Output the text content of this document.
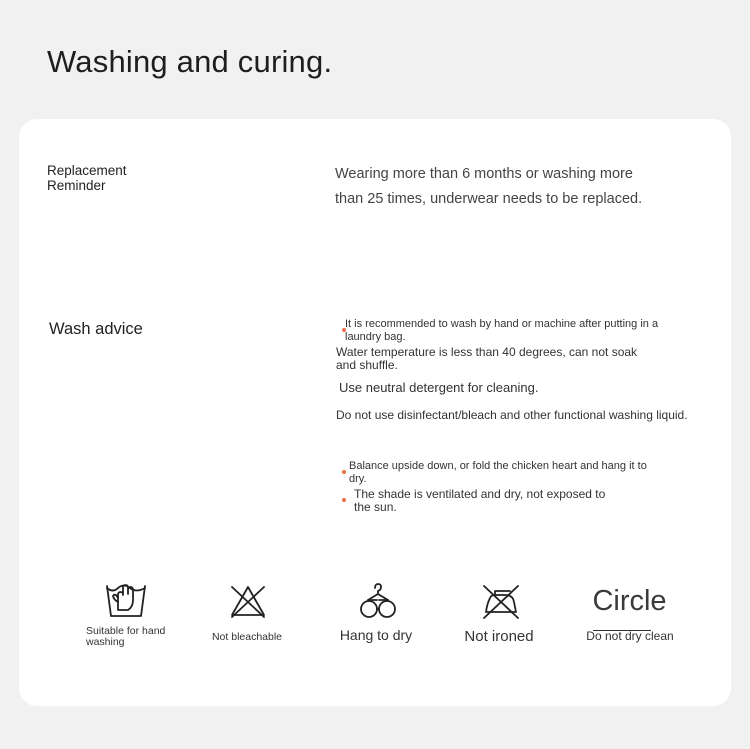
Washing and curing.
Replacement Reminder
Wearing more than 6 months or washing more than 25 times, underwear needs to be replaced.
Wash advice	It is recommended to wash by hand or machine after putting in a laundry bag.
Water temperature is less than 40 degrees, can not soak and shuffle.
Use neutral detergent for cleaning.
Do not use disinfectant/bleach and other functional washing liquid.
Balance upside down, or fold the chicken heart and hang it to dry.
The shade is ventilated and dry, not exposed to the sun.
Suitable for hand washing	Not bleachable	Hang to dry	Not ironed
Circle
Do not dry clean
